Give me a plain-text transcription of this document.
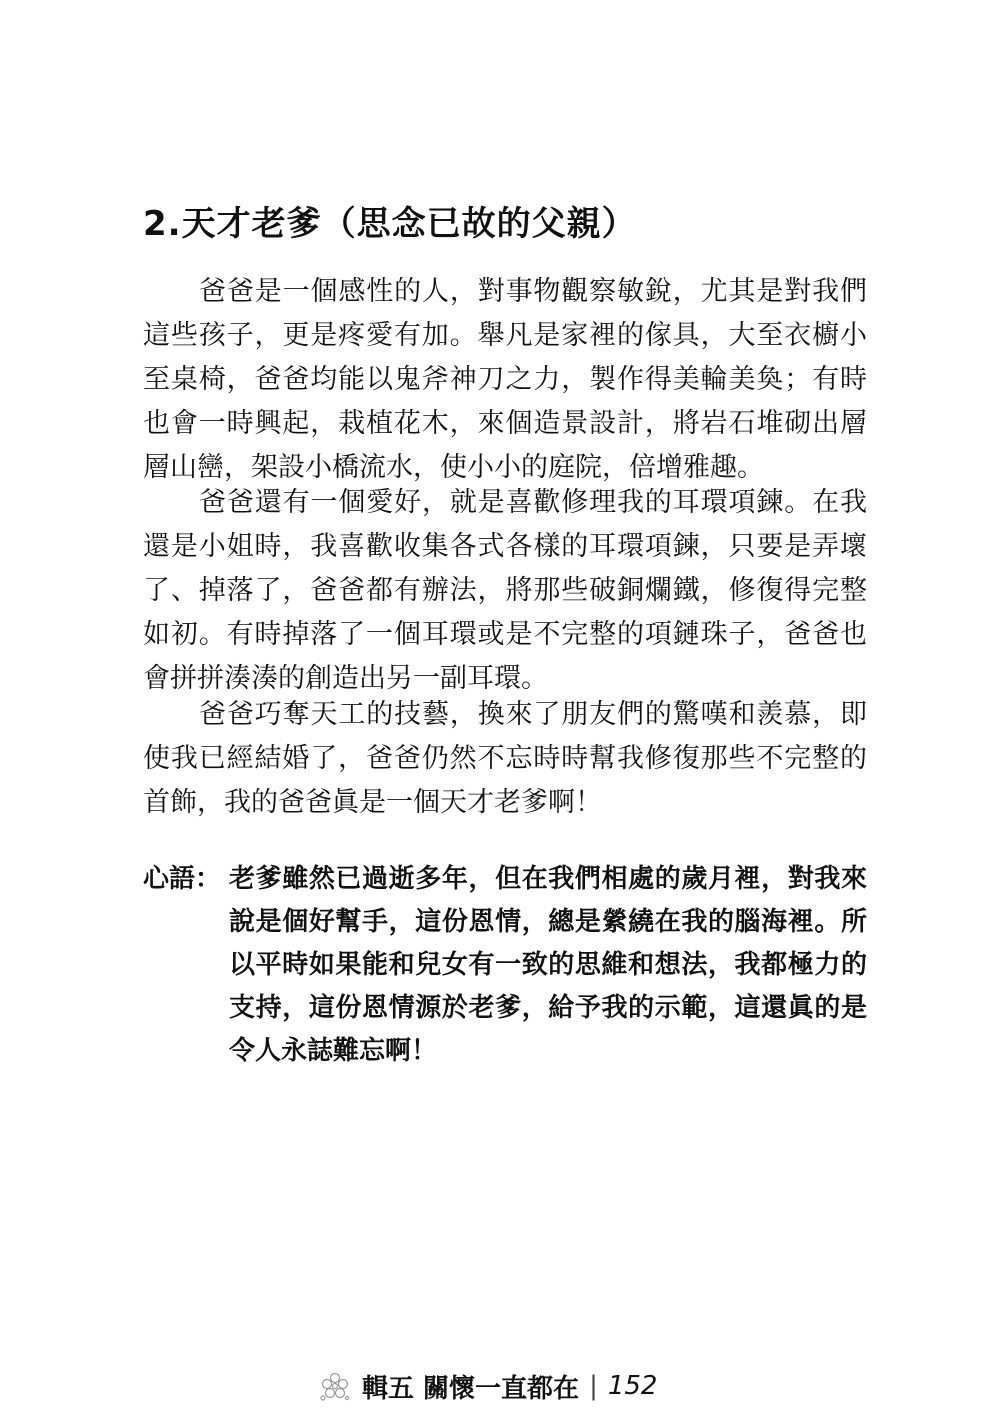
2.天才老爹（思念已故的父親）

爸爸是一個感性的人，對事物觀察敏銳，尤其是對我們這些孩子，更是疼愛有加。舉凡是家裡的傢具，大至衣櫥小至桌椅，爸爸均能以鬼斧神刀之力，製作得美輪美奐；有時也會一時興起，栽植花木，來個造景設計，將岩石堆砌出層層山巒，架設小橋流水，使小小的庭院，倍增雅趣。

爸爸還有一個愛好，就是喜歡修理我的耳環項鍊。在我還是小姐時，我喜歡收集各式各樣的耳環項鍊，只要是弄壞了、掉落了，爸爸都有辦法，將那些破銅爛鐵，修復得完整如初。有時掉落了一個耳環或是不完整的項鏈珠子，爸爸也會拼拼湊湊的創造出另一副耳環。

爸爸巧奪天工的技藝，換來了朋友們的驚嘆和羨慕，即使我已經結婚了，爸爸仍然不忘時時幫我修復那些不完整的首飾，我的爸爸眞是一個天才老爹啊！

心語： 老爹雖然已過逝多年，但在我們相處的歲月裡，對我來說是個好幫手，這份恩情，總是縈繞在我的腦海裡。所以平時如果能和兒女有一致的思維和想法，我都極力的支持，這份恩情源於老爹，給予我的示範，這還眞的是令人永誌難忘啊！
輯五 關懷一直都在 | 152
